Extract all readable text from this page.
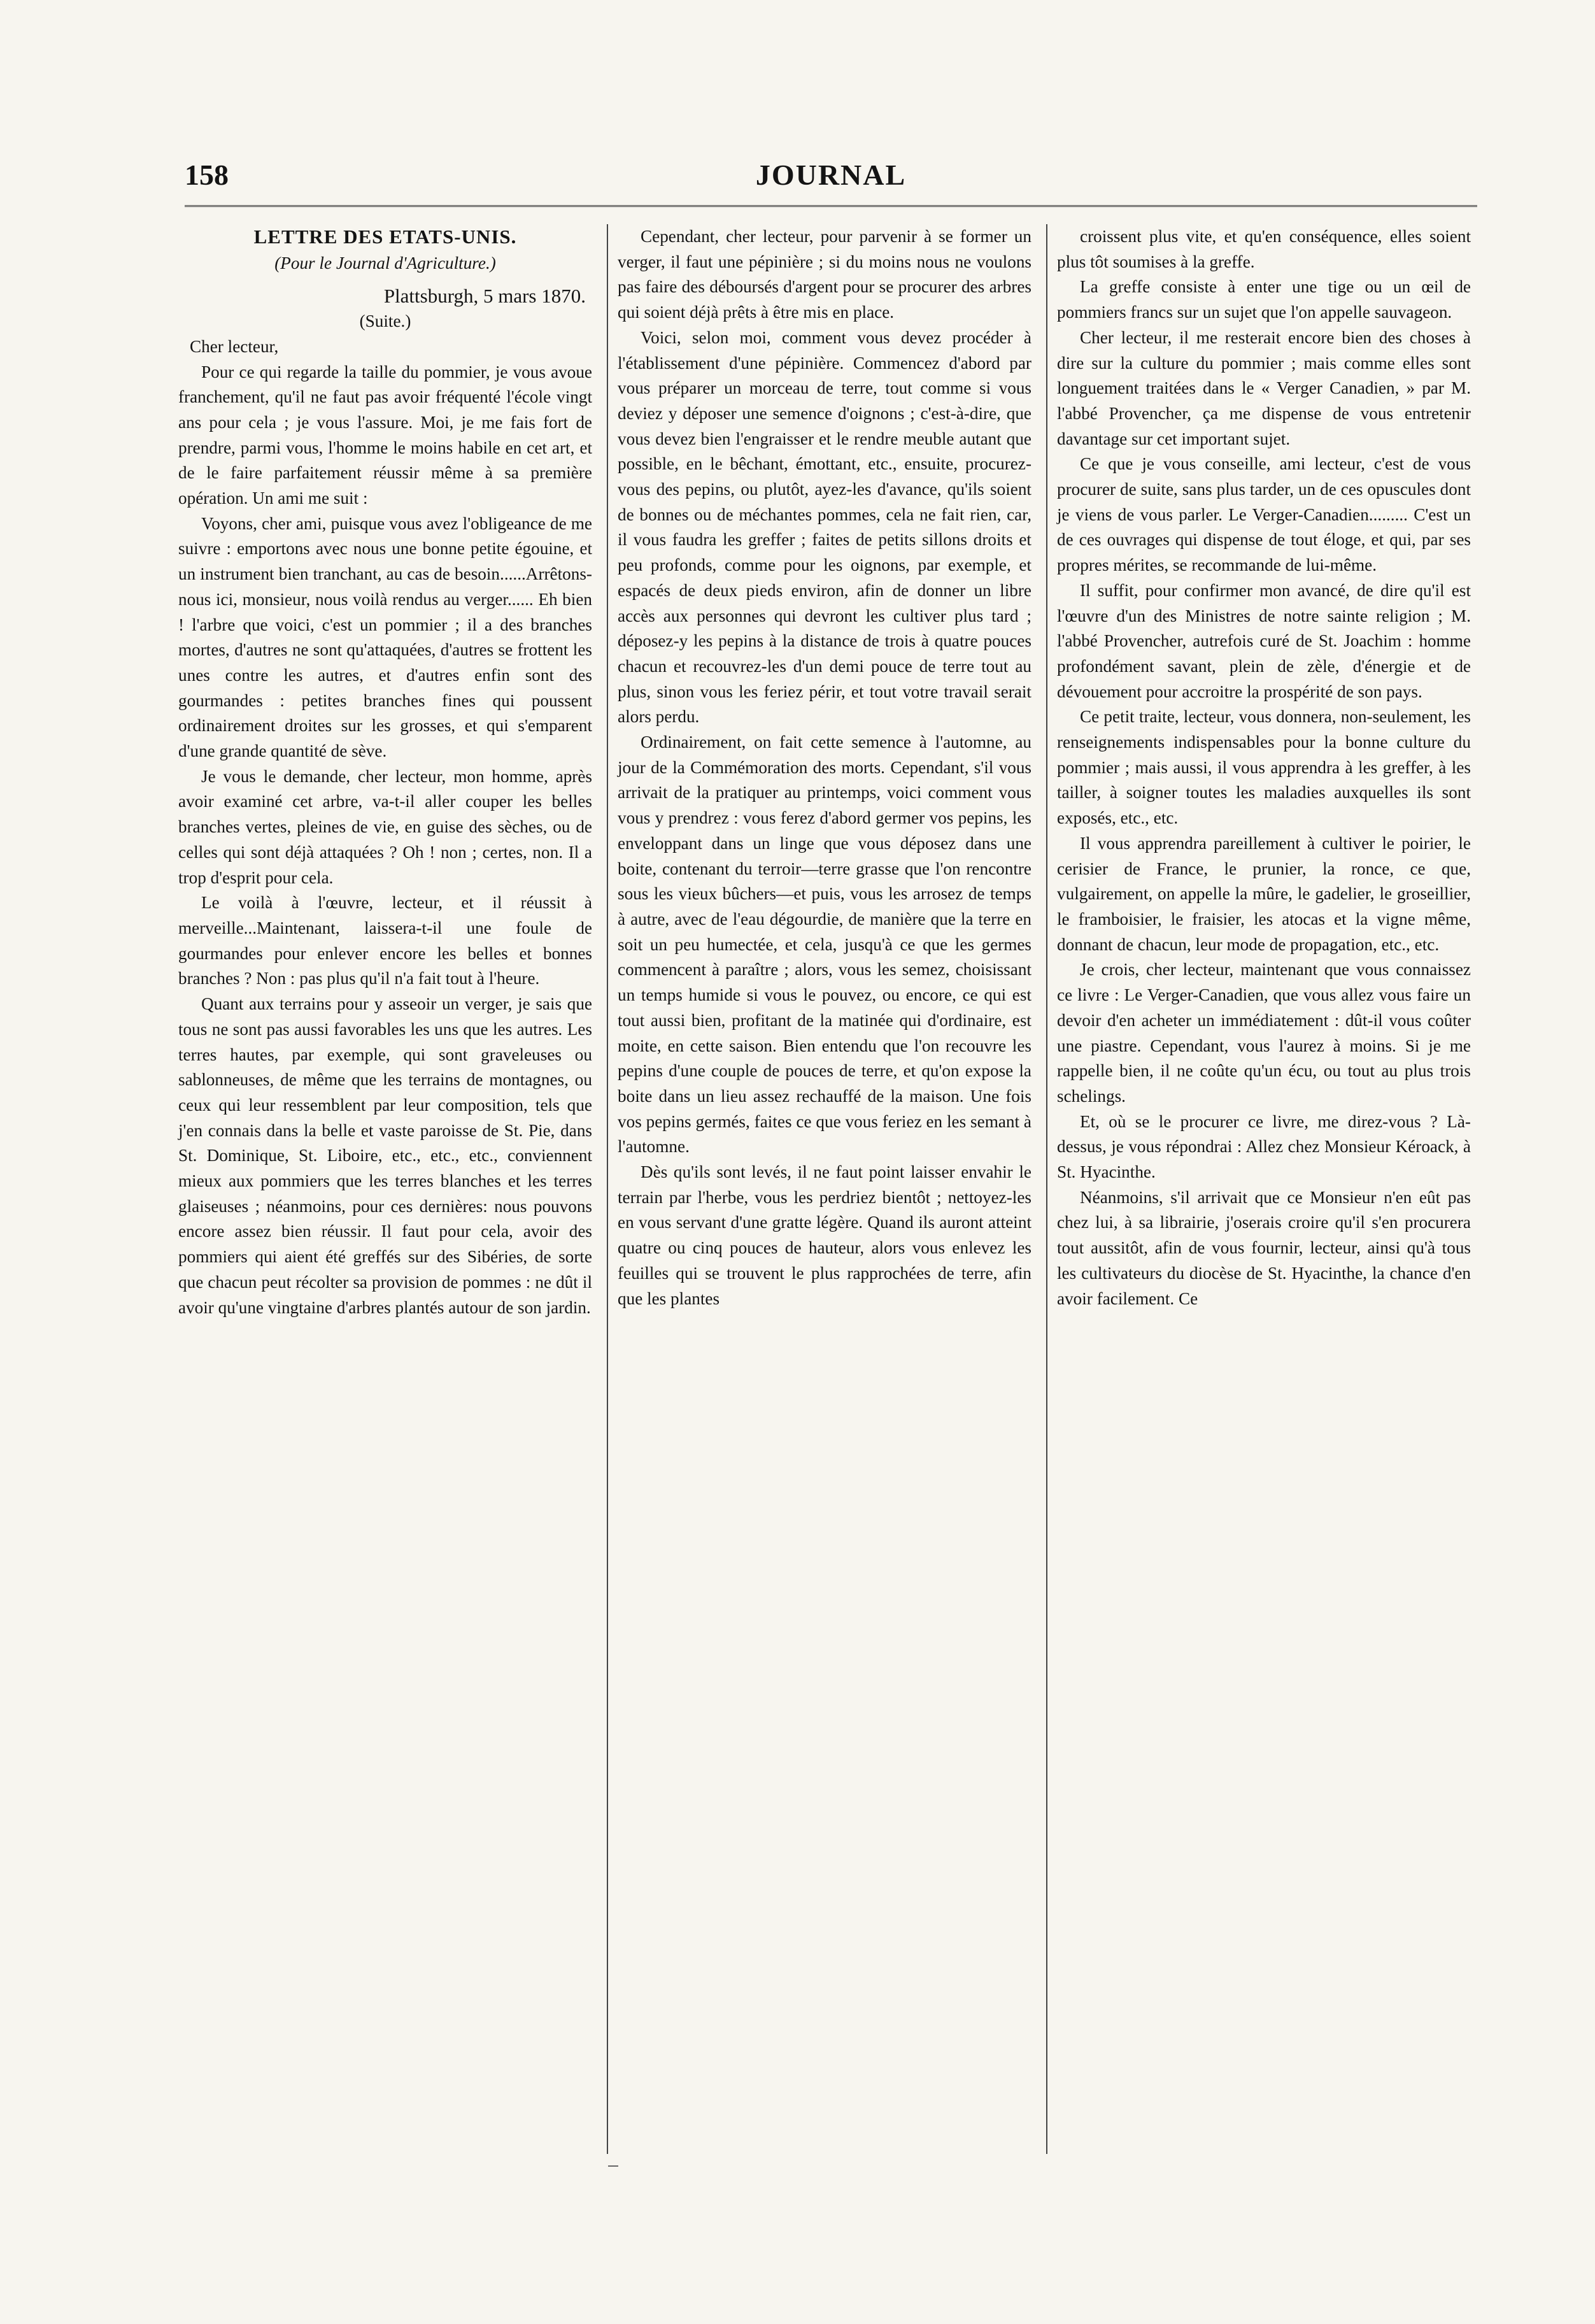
158	JOURNAL
LETTRE DES ETATS-UNIS.

(Pour le Journal d'Agriculture.)

Plattsburgh, 5 mars 1870.

(Suite.)

Cher lecteur,

Pour ce qui regarde la taille du pommier, je vous avoue franchement, qu'il ne faut pas avoir fréquenté l'école vingt ans pour cela ; je vous l'assure. Moi, je me fais fort de prendre, parmi vous, l'homme le moins habile en cet art, et de le faire parfaitement réussir même à sa première opération. Un ami me suit :

Voyons, cher ami, puisque vous avez l'obligeance de me suivre : emportons avec nous une bonne petite égouine, et un instrument bien tranchant, au cas de besoin......Arrêtons-nous ici, monsieur, nous voilà rendus au verger...... Eh bien ! l'arbre que voici, c'est un pommier ; il a des branches mortes, d'autres ne sont qu'attaquées, d'autres se frottent les unes contre les autres, et d'autres enfin sont des gourmandes : petites branches fines qui poussent ordinairement droites sur les grosses, et qui s'emparent d'une grande quantité de sève.

Je vous le demande, cher lecteur, mon homme, après avoir examiné cet arbre, va-t-il aller couper les belles branches vertes, pleines de vie, en guise des sèches, ou de celles qui sont déjà attaquées ? Oh ! non ; certes, non. Il a trop d'esprit pour cela.

Le voilà à l'œuvre, lecteur, et il réussit à merveille...Maintenant, laissera-t-il une foule de gourmandes pour enlever encore les belles et bonnes branches ? Non : pas plus qu'il n'a fait tout à l'heure.

Quant aux terrains pour y asseoir un verger, je sais que tous ne sont pas aussi favorables les uns que les autres. Les terres hautes, par exemple, qui sont graveleuses ou sablonneuses, de même que les terrains de montagnes, ou ceux qui leur ressemblent par leur composition, tels que j'en connais dans la belle et vaste paroisse de St. Pie, dans St. Dominique, St. Liboire, etc., etc., etc., conviennent mieux aux pommiers que les terres blanches et les terres glaiseuses ; néanmoins, pour ces dernières: nous pouvons encore assez bien réussir. Il faut pour cela, avoir des pommiers qui aient été greffés sur des Sibéries, de sorte que chacun peut récolter sa provision de pommes : ne dût il avoir qu'une vingtaine d'arbres plantés autour de son jardin.

Cependant, cher lecteur, pour parvenir à se former un verger, il faut une pépinière ; si du moins nous ne voulons pas faire des déboursés d'argent pour se procurer des arbres qui soient déjà prêts à être mis en place.

Voici, selon moi, comment vous devez procéder à l'établissement d'une pépinière. Commencez d'abord par vous préparer un morceau de terre, tout comme si vous deviez y déposer une semence d'oignons ; c'est-à-dire, que vous devez bien l'engraisser et le rendre meuble autant que possible, en le bêchant, émottant, etc., ensuite, procurez-vous des pepins, ou plutôt, ayez-les d'avance, qu'ils soient de bonnes ou de méchantes pommes, cela ne fait rien, car, il vous faudra les greffer ; faites de petits sillons droits et peu profonds, comme pour les oignons, par exemple, et espacés de deux pieds environ, afin de donner un libre accès aux personnes qui devront les cultiver plus tard ; déposez-y les pepins à la distance de trois à quatre pouces chacun et recouvrez-les d'un demi pouce de terre tout au plus, sinon vous les feriez périr, et tout votre travail serait alors perdu.

Ordinairement, on fait cette semence à l'automne, au jour de la Commémoration des morts. Cependant, s'il vous arrivait de la pratiquer au printemps, voici comment vous vous y prendrez : vous ferez d'abord germer vos pepins, les enveloppant dans un linge que vous déposez dans une boite, contenant du terroir—terre grasse que l'on rencontre sous les vieux bûchers—et puis, vous les arrosez de temps à autre, avec de l'eau dégourdie, de manière que la terre en soit un peu humectée, et cela, jusqu'à ce que les germes commencent à paraître ; alors, vous les semez, choisissant un temps humide si vous le pouvez, ou encore, ce qui est tout aussi bien, profitant de la matinée qui d'ordinaire, est moite, en cette saison. Bien entendu que l'on recouvre les pepins d'une couple de pouces de terre, et qu'on expose la boite dans un lieu assez rechauffé de la maison. Une fois vos pepins germés, faites ce que vous feriez en les semant à l'automne.

Dès qu'ils sont levés, il ne faut point laisser envahir le terrain par l'herbe, vous les perdriez bientôt ; nettoyez-les en vous servant d'une gratte légère. Quand ils auront atteint quatre ou cinq pouces de hauteur, alors vous enlevez les feuilles qui se trouvent le plus rapprochées de terre, afin que les plantes

croissent plus vite, et qu'en conséquence, elles soient plus tôt soumises à la greffe.

La greffe consiste à enter une tige ou un œil de pommiers francs sur un sujet que l'on appelle sauvageon.

Cher lecteur, il me resterait encore bien des choses à dire sur la culture du pommier ; mais comme elles sont longuement traitées dans le « Verger Canadien, » par M. l'abbé Provencher, ça me dispense de vous entretenir davantage sur cet important sujet.

Ce que je vous conseille, ami lecteur, c'est de vous procurer de suite, sans plus tarder, un de ces opuscules dont je viens de vous parler. Le Verger-Canadien......... C'est un de ces ouvrages qui dispense de tout éloge, et qui, par ses propres mérites, se recommande de lui-même.

Il suffit, pour confirmer mon avancé, de dire qu'il est l'œuvre d'un des Ministres de notre sainte religion ; M. l'abbé Provencher, autrefois curé de St. Joachim : homme profondément savant, plein de zèle, d'énergie et de dévouement pour accroitre la prospérité de son pays.

Ce petit traite, lecteur, vous donnera, non-seulement, les renseignements indispensables pour la bonne culture du pommier ; mais aussi, il vous apprendra à les greffer, à les tailler, à soigner toutes les maladies auxquelles ils sont exposés, etc., etc.

Il vous apprendra pareillement à cultiver le poirier, le cerisier de France, le prunier, la ronce, ce que, vulgairement, on appelle la mûre, le gadelier, le groseillier, le framboisier, le fraisier, les atocas et la vigne même, donnant de chacun, leur mode de propagation, etc., etc.

Je crois, cher lecteur, maintenant que vous connaissez ce livre : Le Verger-Canadien, que vous allez vous faire un devoir d'en acheter un immédiatement : dût-il vous coûter une piastre. Cependant, vous l'aurez à moins. Si je me rappelle bien, il ne coûte qu'un écu, ou tout au plus trois schelings.

Et, où se le procurer ce livre, me direz-vous ? Là-dessus, je vous répondrai : Allez chez Monsieur Kéroack, à St. Hyacinthe.

Néanmoins, s'il arrivait que ce Monsieur n'en eût pas chez lui, à sa librairie, j'oserais croire qu'il s'en procurera tout aussitôt, afin de vous fournir, lecteur, ainsi qu'à tous les cultivateurs du diocèse de St. Hyacinthe, la chance d'en avoir facilement. Ce
